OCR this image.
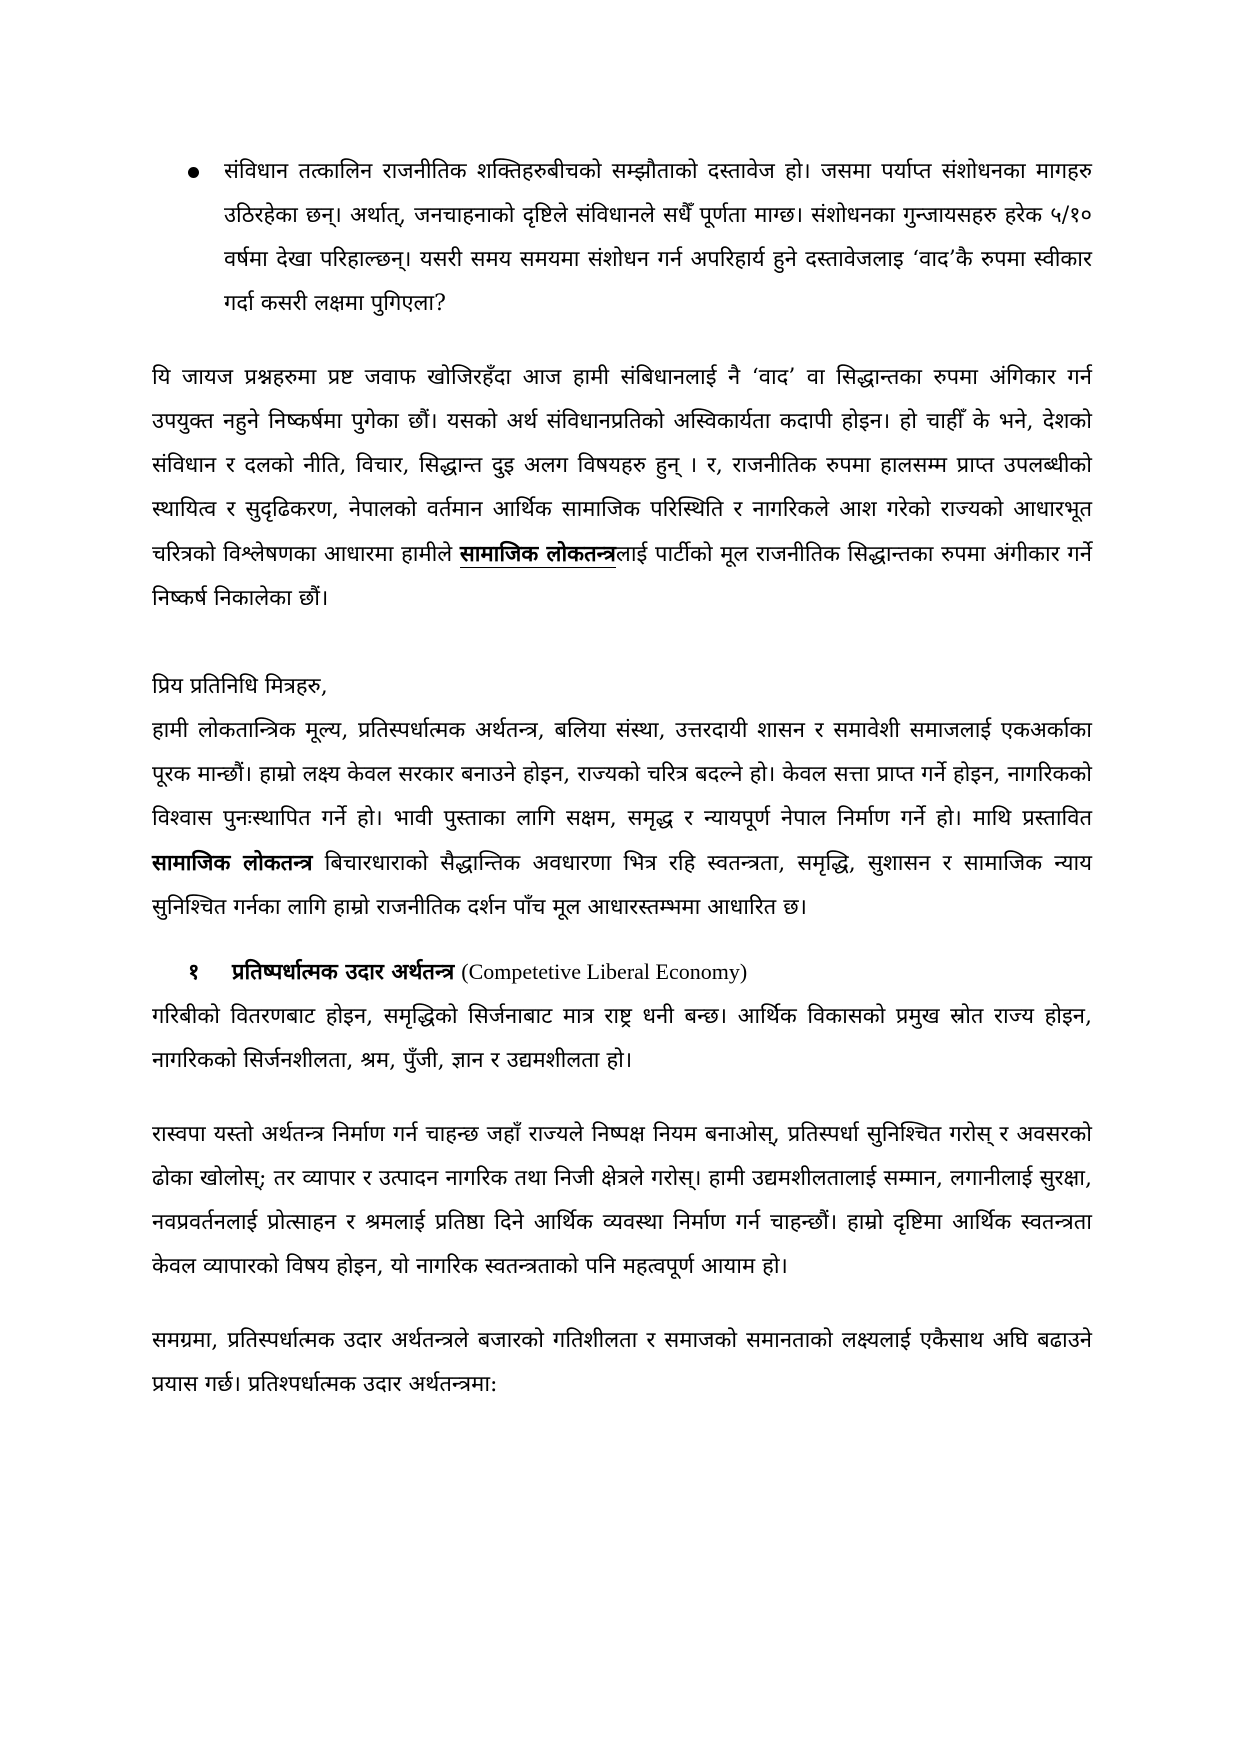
संविधान तत्कालिन राजनीतिक शक्तिहरुबीचको सम्झौताको दस्तावेज हो। जसमा पर्याप्त संशोधनका मागहरु उठिरहेका छन्। अर्थात्, जनचाहनाको दृष्टिले संविधानले सधैँ पूर्णता माग्छ। संशोधनका गुन्जायसहरु हरेक ५/१० वर्षमा देखा परिहाल्छन्। यसरी समय समयमा संशोधन गर्न अपरिहार्य हुने दस्तावेजलाइ ‘वाद’कै रुपमा स्वीकार गर्दा कसरी लक्षमा पुगिएला?

यि जायज प्रश्नहरुमा प्रष्ट जवाफ खोजिरहँदा आज हामी संबिधानलाई नै ‘वाद’ वा सिद्धान्तका रुपमा अंगिकार गर्न उपयुक्त नहुने निष्कर्षमा पुगेका छौं। यसको अर्थ संविधानप्रतिको अस्विकार्यता कदापी होइन। हो चाहीँ के भने, देशको संविधान र दलको नीति, विचार, सिद्धान्त दुइ अलग विषयहरु हुन् । र, राजनीतिक रुपमा हालसम्म प्राप्त उपलब्धीको स्थायित्व र सुदृढिकरण, नेपालको वर्तमान आर्थिक सामाजिक परिस्थिति र नागरिकले आश गरेको राज्यको आधारभूत चरित्रको विश्लेषणका आधारमा हामीले सामाजिक लोकतन्त्रलाई पार्टीको मूल राजनीतिक सिद्धान्तका रुपमा अंगीकार गर्ने निष्कर्ष निकालेका छौं।

प्रिय प्रतिनिधि मित्रहरु,

हामी लोकतान्त्रिक मूल्य, प्रतिस्पर्धात्मक अर्थतन्त्र, बलिया संस्था, उत्तरदायी शासन र समावेशी समाजलाई एकअर्काका पूरक मान्छौं। हाम्रो लक्ष्य केवल सरकार बनाउने होइन, राज्यको चरित्र बदल्ने हो। केवल सत्ता प्राप्त गर्ने होइन, नागरिकको विश्वास पुनःस्थापित गर्ने हो। भावी पुस्ताका लागि सक्षम, समृद्ध र न्यायपूर्ण नेपाल निर्माण गर्ने हो। माथि प्रस्तावित सामाजिक लोकतन्त्र बिचारधाराको सैद्धान्तिक अवधारणा भित्र रहि स्वतन्त्रता, समृद्धि, सुशासन र सामाजिक न्याय सुनिश्चित गर्नका लागि हाम्रो राजनीतिक दर्शन पाँच मूल आधारस्तम्भमा आधारित छ।

१ प्रतिष्पर्धात्मक उदार अर्थतन्त्र (Competetive Liberal Economy)

गरिबीको वितरणबाट होइन, समृद्धिको सिर्जनाबाट मात्र राष्ट्र धनी बन्छ। आर्थिक विकासको प्रमुख स्रोत राज्य होइन, नागरिकको सिर्जनशीलता, श्रम, पुँजी, ज्ञान र उद्यमशीलता हो।

रास्वपा यस्तो अर्थतन्त्र निर्माण गर्न चाहन्छ जहाँ राज्यले निष्पक्ष नियम बनाओस्, प्रतिस्पर्धा सुनिश्चित गरोस् र अवसरको ढोका खोलोस्; तर व्यापार र उत्पादन नागरिक तथा निजी क्षेत्रले गरोस्। हामी उद्यमशीलतालाई सम्मान, लगानीलाई सुरक्षा, नवप्रवर्तनलाई प्रोत्साहन र श्रमलाई प्रतिष्ठा दिने आर्थिक व्यवस्था निर्माण गर्न चाहन्छौं। हाम्रो दृष्टिमा आर्थिक स्वतन्त्रता केवल व्यापारको विषय होइन, यो नागरिक स्वतन्त्रताको पनि महत्वपूर्ण आयाम हो।

समग्रमा, प्रतिस्पर्धात्मक उदार अर्थतन्त्रले बजारको गतिशीलता र समाजको समानताको लक्ष्यलाई एकैसाथ अघि बढाउने प्रयास गर्छ। प्रतिश्पर्धात्मक उदार अर्थतन्त्रमा:
